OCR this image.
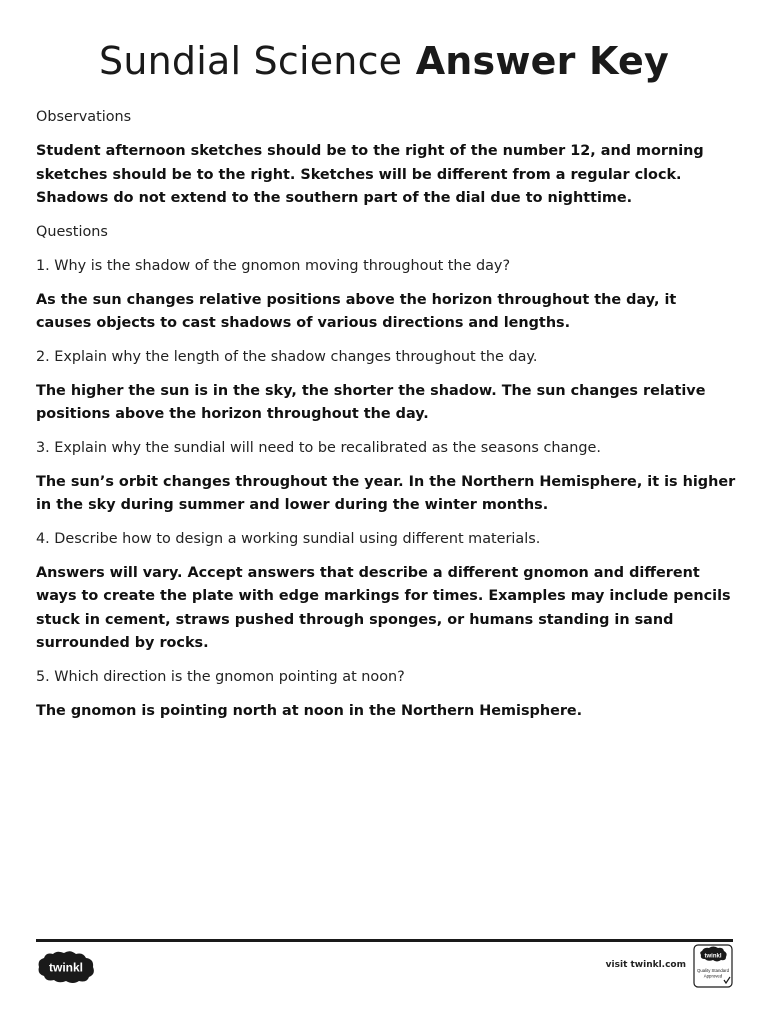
Sundial Science Answer Key

Observations

Student afternoon sketches should be to the right of the number 12, and morning sketches should be to the right. Sketches will be different from a regular clock. Shadows do not extend to the southern part of the dial due to nighttime.

Questions

1. Why is the shadow of the gnomon moving throughout the day?

As the sun changes relative positions above the horizon throughout the day, it causes objects to cast shadows of various directions and lengths.

2. Explain why the length of the shadow changes throughout the day.

The higher the sun is in the sky, the shorter the shadow. The sun changes relative positions above the horizon throughout the day.

3. Explain why the sundial will need to be recalibrated as the seasons change.

The sun’s orbit changes throughout the year. In the Northern Hemisphere, it is higher in the sky during summer and lower during the winter months.

4. Describe how to design a working sundial using different materials.

Answers will vary. Accept answers that describe a different gnomon and different ways to create the plate with edge markings for times. Examples may include pencils stuck in cement, straws pushed through sponges, or humans standing in sand surrounded by rocks.

5. Which direction is the gnomon pointing at noon?

The gnomon is pointing north at noon in the Northern Hemisphere.

twinkl	visit twinkl.com
twinkl
Quality Standard
Approved
